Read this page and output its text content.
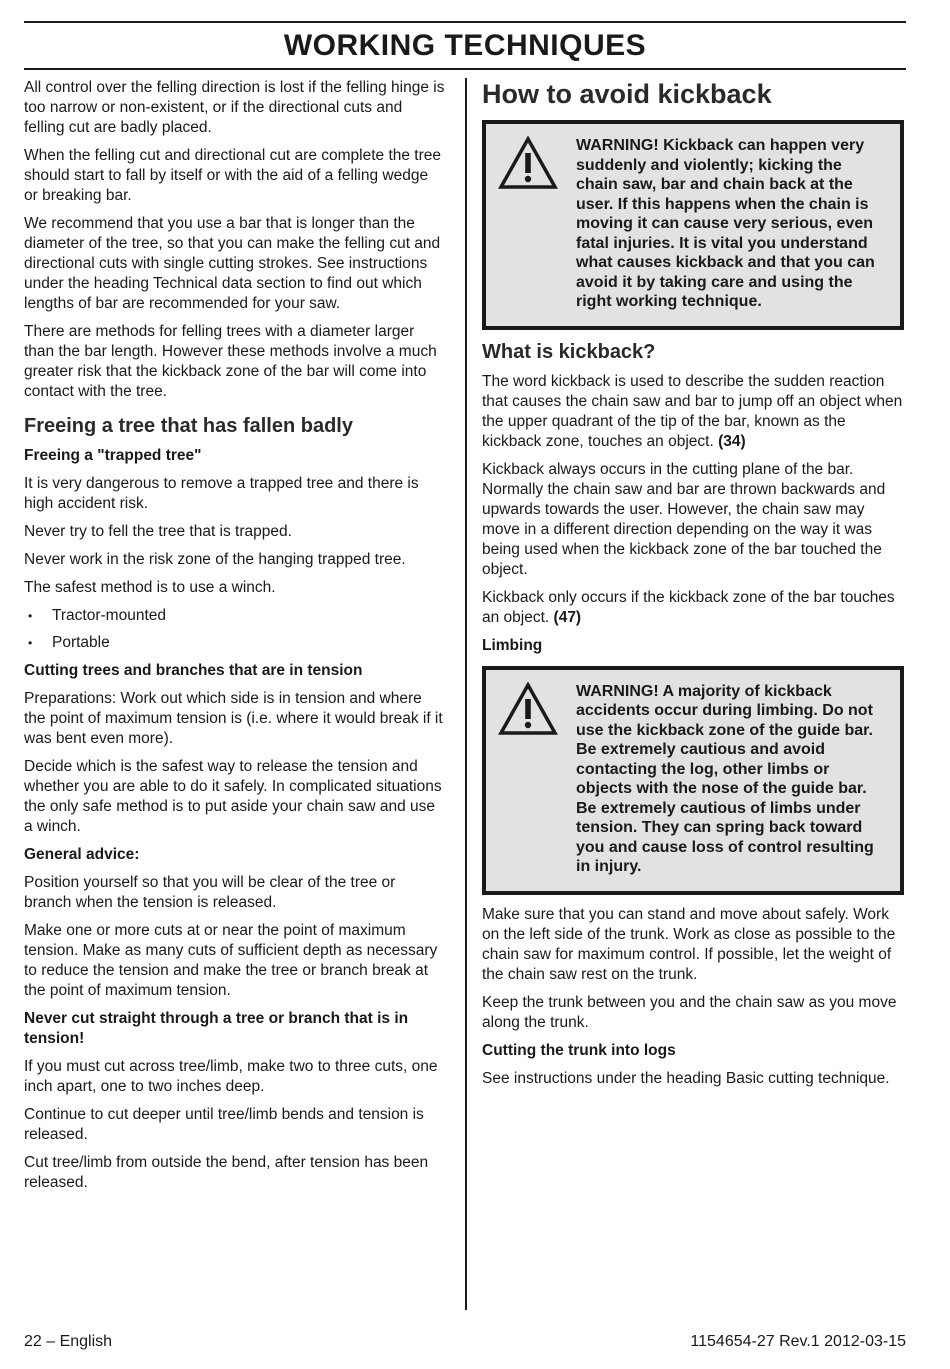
WORKING TECHNIQUES

All control over the felling direction is lost if the felling hinge is too narrow or non-existent, or if the directional cuts and felling cut are badly placed.

When the felling cut and directional cut are complete the tree should start to fall by itself or with the aid of a felling wedge or breaking bar.

We recommend that you use a bar that is longer than the diameter of the tree, so that you can make the felling cut and directional cuts with single cutting strokes. See instructions under the heading Technical data section to find out which lengths of bar are recommended for your saw.

There are methods for felling trees with a diameter larger than the bar length. However these methods involve a much greater risk that the kickback zone of the bar will come into contact with the tree.

Freeing a tree that has fallen badly
Freeing a "trapped tree"

It is very dangerous to remove a trapped tree and there is high accident risk.

Never try to fell the tree that is trapped.

Never work in the risk zone of the hanging trapped tree.

The safest method is to use a winch.

• Tractor-mounted
• Portable
Cutting trees and branches that are in tension

Preparations: Work out which side is in tension and where the point of maximum tension is (i.e. where it would break if it was bent even more).

Decide which is the safest way to release the tension and whether you are able to do it safely. In complicated situations the only safe method is to put aside your chain saw and use a winch.

General advice:

Position yourself so that you will be clear of the tree or branch when the tension is released.

Make one or more cuts at or near the point of maximum tension. Make as many cuts of sufficient depth as necessary to reduce the tension and make the tree or branch break at the point of maximum tension.

Never cut straight through a tree or branch that is in tension!

If you must cut across tree/limb, make two to three cuts, one inch apart, one to two inches deep.

Continue to cut deeper until tree/limb bends and tension is released.

Cut tree/limb from outside the bend, after tension has been released.

How to avoid kickback
WARNING! Kickback can happen very suddenly and violently; kicking the chain saw, bar and chain back at the user. If this happens when the chain is moving it can cause very serious, even fatal injuries. It is vital you understand what causes kickback and that you can avoid it by taking care and using the right working technique.
What is kickback?

The word kickback is used to describe the sudden reaction that causes the chain saw and bar to jump off an object when the upper quadrant of the tip of the bar, known as the kickback zone, touches an object. (34)

Kickback always occurs in the cutting plane of the bar. Normally the chain saw and bar are thrown backwards and upwards towards the user. However, the chain saw may move in a different direction depending on the way it was being used when the kickback zone of the bar touched the object.

Kickback only occurs if the kickback zone of the bar touches an object. (47)

Limbing
WARNING! A majority of kickback accidents occur during limbing. Do not use the kickback zone of the guide bar. Be extremely cautious and avoid contacting the log, other limbs or objects with the nose of the guide bar. Be extremely cautious of limbs under tension. They can spring back toward you and cause loss of control resulting in injury.

Make sure that you can stand and move about safely. Work on the left side of the trunk. Work as close as possible to the chain saw for maximum control. If possible, let the weight of the chain saw rest on the trunk.

Keep the trunk between you and the chain saw as you move along the trunk.

Cutting the trunk into logs

See instructions under the heading Basic cutting technique.

22 – English	1154654-27 Rev.1 2012-03-15
